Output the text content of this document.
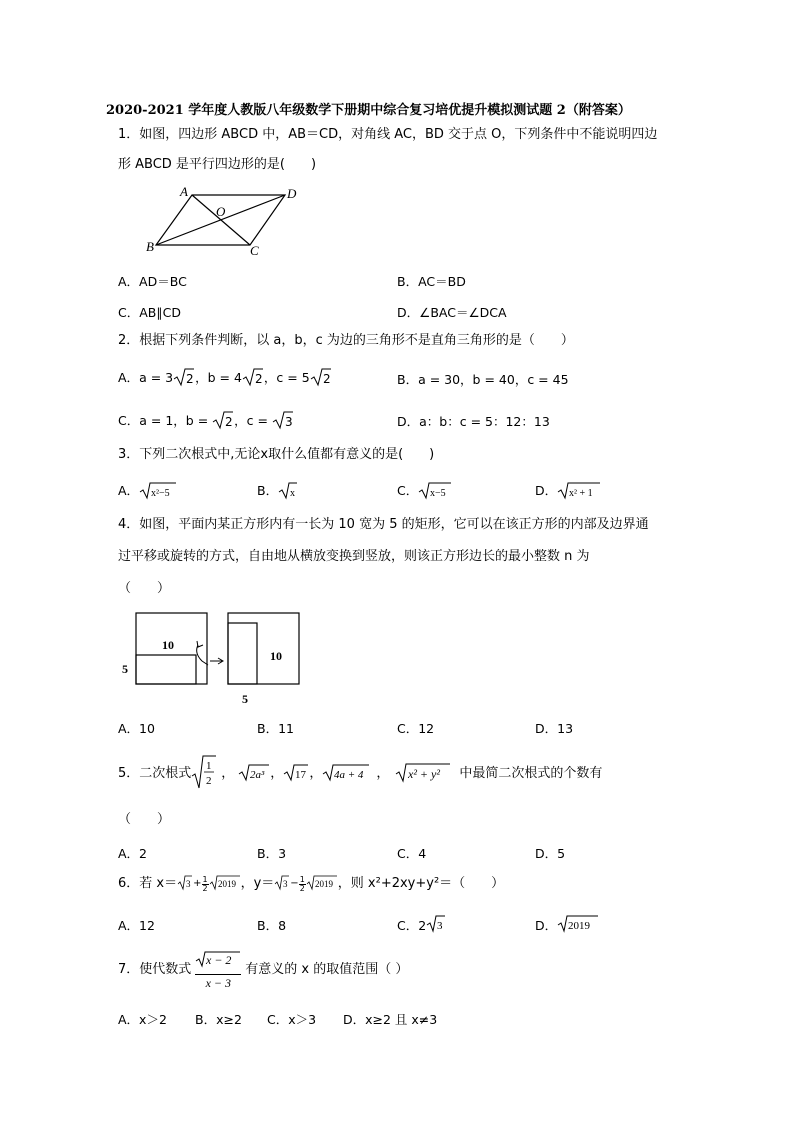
2020-2021 学年度人教版八年级数学下册期中综合复习培优提升模拟测试题 2（附答案）
1．如图，四边形 ABCD 中，AB＝CD，对角线 AC，BD 交于点 O，下列条件中不能说明四边
形 ABCD 是平行四边形的是(　　)
A
B	C
D
O
A．AD＝BC	B．AC＝BD
C．AB∥CD	D．∠BAC＝∠DCA
2．根据下列条件判断，以 a，b，c 为边的三角形不是直角三角形的是（　　）
A．a = 3 2 ，b = 4 2 ，c = 5 2	B．a = 30，b = 40，c = 45
C．a = 1，b = 2 ，c = 3	D．a：b：c = 5：12：13
3．下列二次根式中,无论x取什么值都有意义的是(　　)
A． x²−5	B． x	C． x−5	D． x² + 1
4．如图，平面内某正方形内有一长为 10 宽为 5 的矩形，它可以在该正方形的内部及边界通
过平移或旋转的方式，自由地从横放变换到竖放，则该正方形边长的最小整数 n 为
（　　）
10
5
10
5
A．10	B．11	C．12	D．13
5．二次根式
1
2 ， 2a³ ， 17 ， 4a + 4 ， x² + y² 中最简二次根式的个数有
（　　）
A．2	B．3	C．4	D．5
6．若 $x= 3 + \frac{1}{2} 2019$ ，$y= 3 - \frac{1}{2} 2019$ ，则 x²+2xy+y²＝（　　）
A．12	B．8	C．2 3	D． 2019
7．使代数式 $\frac{x - 2}{x - 3}$ 有意义的 x 的取值范围（ ）
A．x＞2 B．x≥2 C．x＞3 D．x≥2 且 x≠3
